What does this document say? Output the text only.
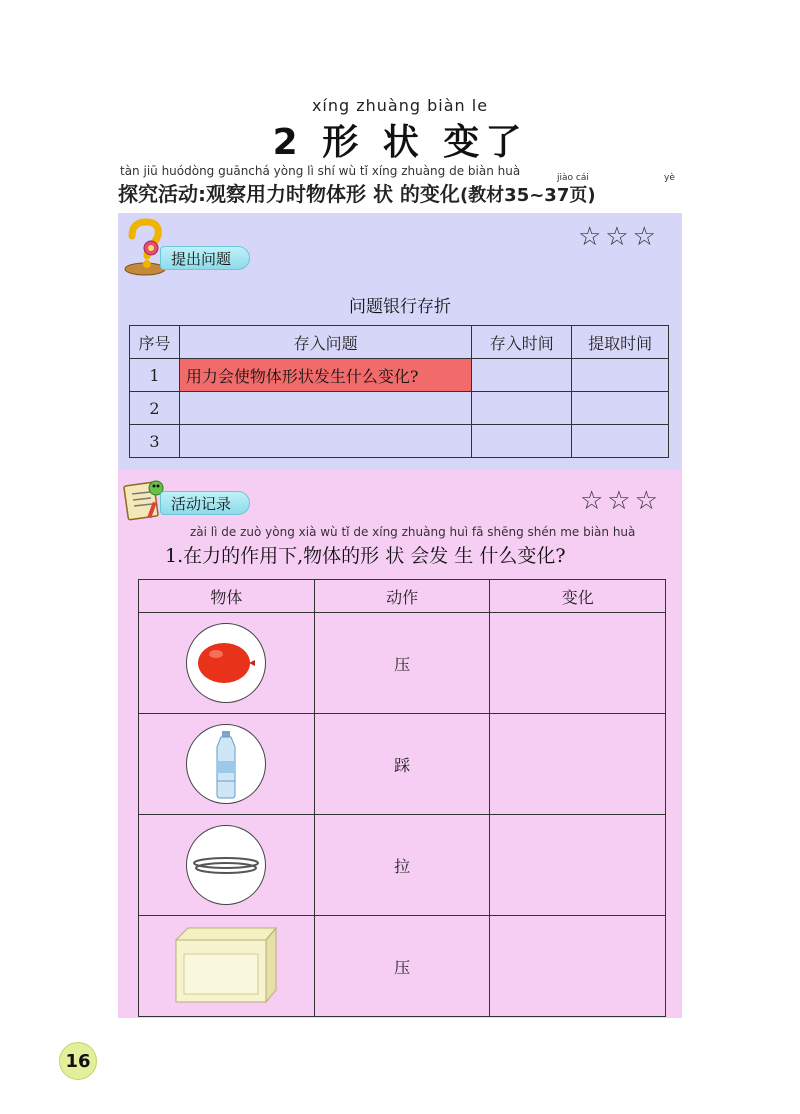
xíng zhuàng biàn le
2 形 状 变了
tàn jiū huódòng guānchá yòng lì shí wù tǐ xíng zhuàng de biàn huà	jiào cái	yè
探究活动:观察用力时物体形 状 的变化(教材35~37页)
提出问题
☆☆☆
问题银行存折
序号	存入问题	存入时间	提取时间
1	用力会使物体形状发生什么变化?		
2			
3			
活动记录	☆☆☆
zài lì de zuò yòng xià wù tǐ de xíng zhuàng huì fā shēng shén me biàn huà
1.在力的作用下,物体的形 状 会发 生 什么变化?
物体	动作	变化

	压	

	踩	

	拉	

	压	
16
